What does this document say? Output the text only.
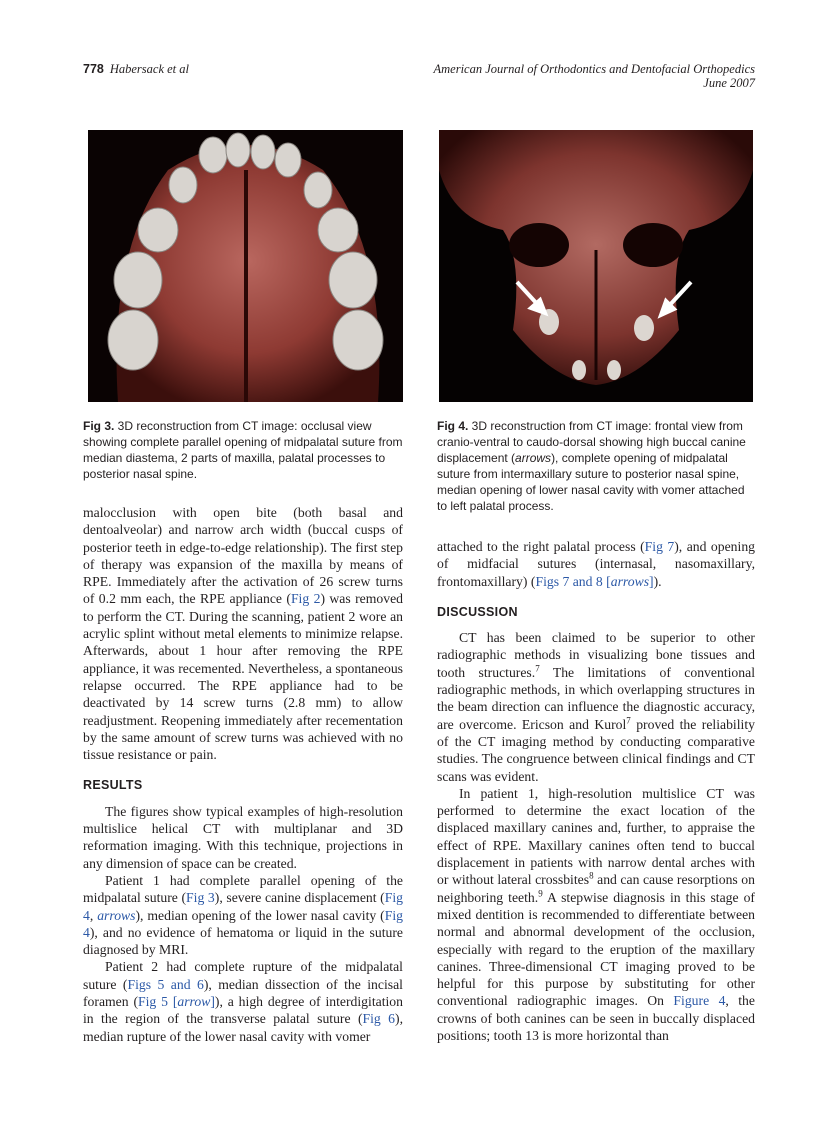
778 Habersack et al	American Journal of Orthodontics and Dentofacial Orthopedics
June 2007
Fig 3. 3D reconstruction from CT image: occlusal view showing complete parallel opening of midpalatal suture from median diastema, 2 parts of maxilla, palatal processes to posterior nasal spine.
Fig 4. 3D reconstruction from CT image: frontal view from cranio-ventral to caudo-dorsal showing high buccal canine displacement (arrows), complete opening of midpalatal suture from intermaxillary suture to posterior nasal spine, median opening of lower nasal cavity with vomer attached to left palatal process.

malocclusion with open bite (both basal and dentoalveolar) and narrow arch width (buccal cusps of posterior teeth in edge-to-edge relationship). The first step of therapy was expansion of the maxilla by means of RPE. Immediately after the activation of 26 screw turns of 0.2 mm each, the RPE appliance (Fig 2) was removed to perform the CT. During the scanning, patient 2 wore an acrylic splint without metal elements to minimize relapse. Afterwards, about 1 hour after removing the RPE appliance, it was recemented. Nevertheless, a spontaneous relapse occurred. The RPE appliance had to be deactivated by 14 screw turns (2.8 mm) to allow readjustment. Reopening immediately after recementation by the same amount of screw turns was achieved with no tissue resistance or pain.

RESULTS

The figures show typical examples of high-resolution multislice helical CT with multiplanar and 3D reformation imaging. With this technique, projections in any dimension of space can be created.

Patient 1 had complete parallel opening of the midpalatal suture (Fig 3), severe canine displacement (Fig 4, arrows), median opening of the lower nasal cavity (Fig 4), and no evidence of hematoma or liquid in the suture diagnosed by MRI.

Patient 2 had complete rupture of the midpalatal suture (Figs 5 and 6), median dissection of the incisal foramen (Fig 5 [arrow]), a high degree of interdigitation in the region of the transverse palatal suture (Fig 6), median rupture of the lower nasal cavity with vomer

attached to the right palatal process (Fig 7), and opening of midfacial sutures (internasal, nasomaxillary, frontomaxillary) (Figs 7 and 8 [arrows]).

DISCUSSION

CT has been claimed to be superior to other radiographic methods in visualizing bone tissues and tooth structures.$^7$ The limitations of conventional radiographic methods, in which overlapping structures in the beam direction can influence the diagnostic accuracy, are overcome. Ericson and Kurol$^7$ proved the reliability of the CT imaging method by conducting comparative studies. The congruence between clinical findings and CT scans was evident.

In patient 1, high-resolution multislice CT was performed to determine the exact location of the displaced maxillary canines and, further, to appraise the effect of RPE. Maxillary canines often tend to buccal displacement in patients with narrow dental arches with or without lateral crossbites$^8$ and can cause resorptions on neighboring teeth.$^9$ A stepwise diagnosis in this stage of mixed dentition is recommended to differentiate between normal and abnormal development of the occlusion, especially with regard to the eruption of the maxillary canines. Three-dimensional CT imaging proved to be helpful for this purpose by substituting for other conventional radiographic images. On Figure 4, the crowns of both canines can be seen in buccally displaced positions; tooth 13 is more horizontal than
